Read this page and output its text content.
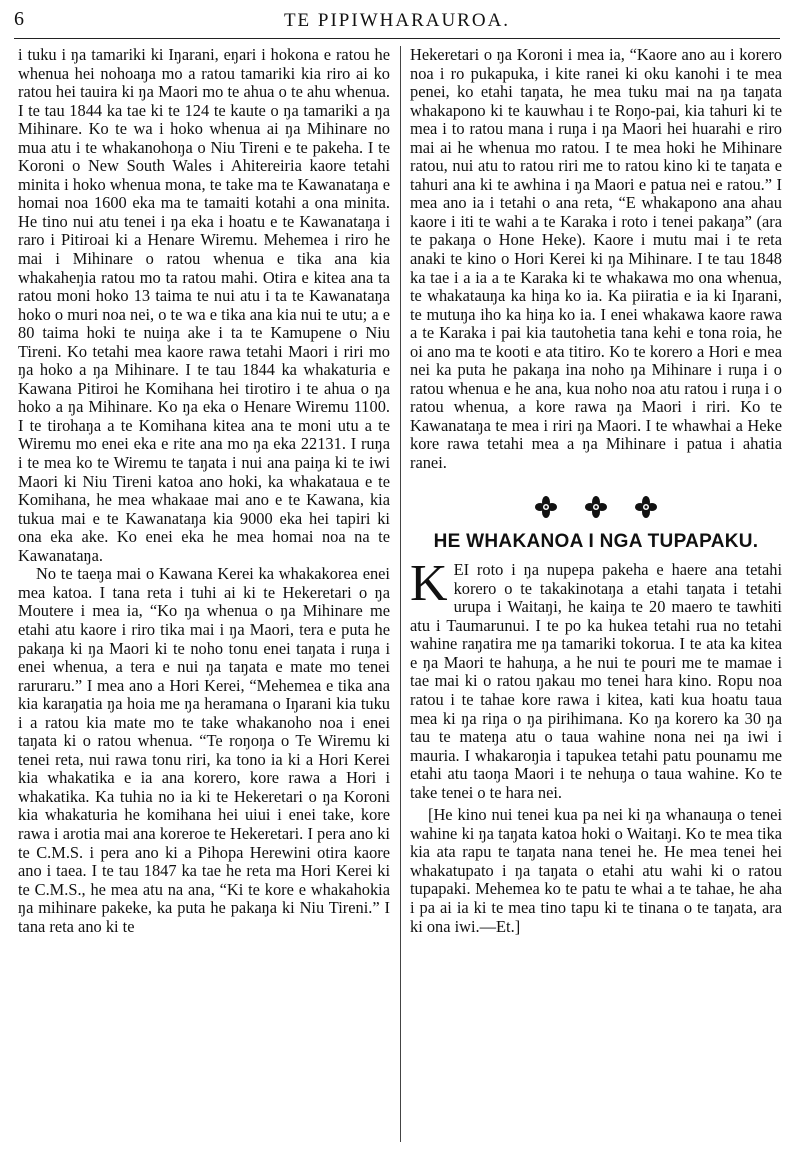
6	TE PIPIWHARAUROA.

i tuku i ŋa tamariki ki Iŋarani, eŋari i hokona e ratou he whenua hei nohoaŋa mo a ratou tamariki kia riro ai ko ratou hei tauira ki ŋa Maori mo te ahua o te ahu whenua. I te tau 1844 ka tae ki te 124 te kaute o ŋa tamariki a ŋa Mihinare. Ko te wa i hoko whenua ai ŋa Mihinare no mua atu i te whakanohoŋa o Niu Tireni e te pakeha. I te Koroni o New South Wales i Ahitereiria kaore tetahi minita i hoko whenua mona, te take ma te Kawanataŋa e homai noa 1600 eka ma te tamaiti kotahi a ona minita. He tino nui atu tenei i ŋa eka i hoatu e te Kawanataŋa i raro i Pitiroai ki a Henare Wiremu. Mehemea i riro he mai i Mihinare o ratou whenua e tika ana kia whakaheŋia ratou mo ta ratou mahi. Otira e kitea ana ta ratou moni hoko 13 taima te nui atu i ta te Kawanataŋa hoko o muri noa nei, o te wa e tika ana kia nui te utu; a e 80 taima hoki te nuiŋa ake i ta te Kamupene o Niu Tireni. Ko tetahi mea kaore rawa tetahi Maori i riri mo ŋa hoko a ŋa Mihinare. I te tau 1844 ka whakaturia e Kawana Pitiroi he Komihana hei tirotiro i te ahua o ŋa hoko a ŋa Mihinare. Ko ŋa eka o Henare Wiremu 1100. I te tirohaŋa a te Komihana kitea ana te moni utu a te Wiremu mo enei eka e rite ana mo ŋa eka 22131. I ruŋa i te mea ko te Wiremu te taŋata i nui ana paiŋa ki te iwi Maori ki Niu Tireni katoa ano hoki, ka whakataua e te Komihana, he mea whakaae mai ano e te Kawana, kia tukua mai e te Kawanataŋa kia 9000 eka hei tapiri ki ona eka ake. Ko enei eka he mea homai noa na te Kawanataŋa.

No te taeŋa mai o Kawana Kerei ka whakakorea enei mea katoa. I tana reta i tuhi ai ki te Hekeretari o ŋa Moutere i mea ia, “Ko ŋa whenua o ŋa Mihinare me etahi atu kaore i riro tika mai i ŋa Maori, tera e puta he pakaŋa ki ŋa Maori ki te noho tonu enei taŋata i ruŋa i enei whenua, a tera e nui ŋa taŋata e mate mo tenei raruraru.” I mea ano a Hori Kerei, “Mehemea e tika ana kia karaŋatia ŋa hoia me ŋa heramana o Iŋarani kia tuku i a ratou kia mate mo te take whakanoho noa i enei taŋata ki o ratou whenua. “Te roŋoŋa o Te Wiremu ki tenei reta, nui rawa tonu riri, ka tono ia ki a Hori Kerei kia whakatika e ia ana korero, kore rawa a Hori i whakatika. Ka tuhia no ia ki te Hekeretari o ŋa Koroni kia whakaturia he komihana hei uiui i enei take, kore rawa i arotia mai ana koreroe te Hekeretari. I pera ano ki te C.M.S. i pera ano ki a Pihopa Herewini otira kaore ano i taea. I te tau 1847 ka tae he reta ma Hori Kerei ki te C.M.S., he mea atu na ana, “Ki te kore e whakahokia ŋa mihinare pakeke, ka puta he pakaŋa ki Niu Tireni.” I tana reta ano ki te

Hekeretari o ŋa Koroni i mea ia, “Kaore ano au i korero noa i ro pukapuka, i kite ranei ki oku kanohi i te mea penei, ko etahi taŋata, he mea tuku mai na ŋa taŋata whakapono ki te kauwhau i te Roŋo-pai, kia tahuri ki te mea i to ratou mana i ruŋa i ŋa Maori hei huarahi e riro mai ai he whenua mo ratou. I te mea hoki he Mihinare ratou, nui atu to ratou riri me to ratou kino ki te taŋata e tahuri ana ki te awhina i ŋa Maori e patua nei e ratou.” I mea ano ia i tetahi o ana reta, “E whakapono ana ahau kaore i iti te wahi a te Karaka i roto i tenei pakaŋa” (ara te pakaŋa o Hone Heke). Kaore i mutu mai i te reta anaki te kino o Hori Kerei ki ŋa Mihinare. I te tau 1848 ka tae i a ia a te Karaka ki te whakawa mo ona whenua, te whakatauŋa ka hiŋa ko ia. Ka piiratia e ia ki Iŋarani, te mutuŋa iho ka hiŋa ko ia. I enei whakawa kaore rawa a te Karaka i pai kia tautohetia tana kehi e tona roia, he oi ano ma te kooti e ata titiro. Ko te korero a Hori e mea nei ka puta he pakaŋa ina noho ŋa Mihinare i ruŋa i o ratou whenua e he ana, kua noho noa atu ratou i ruŋa i o ratou whenua, a kore rawa ŋa Maori i riri. Ko te Kawanataŋa te mea i riri ŋa Maori. I te whawhai a Heke kore rawa tetahi mea a ŋa Mihinare i patua i ahatia ranei.

HE WHAKANOA I NGA TUPAPAKU.

KEI roto i ŋa nupepa pakeha e haere ana tetahi korero o te takakinotaŋa a etahi taŋata i tetahi urupa i Waitaŋi, he kaiŋa te 20 maero te tawhiti atu i Taumarunui. I te po ka hukea tetahi rua no tetahi wahine raŋatira me ŋa tamariki tokorua. I te ata ka kitea e ŋa Maori te hahuŋa, a he nui te pouri me te mamae i tae mai ki o ratou ŋakau mo tenei hara kino. Ropu noa ratou i te tahae kore rawa i kitea, kati kua hoatu taua mea ki ŋa riŋa o ŋa pirihimana. Ko ŋa korero ka 30 ŋa tau te mateŋa atu o taua wahine nona nei ŋa iwi i mauria. I whakaroŋia i tapukea tetahi patu pounamu me etahi atu taoŋa Maori i te nehuŋa o taua wahine. Ko te take tenei o te hara nei.

[He kino nui tenei kua pa nei ki ŋa whanauŋa o tenei wahine ki ŋa taŋata katoa hoki o Waitaŋi. Ko te mea tika kia ata rapu te taŋata nana tenei he. He mea tenei hei whakatupato i ŋa taŋata o etahi atu wahi ki o ratou tupapaki. Mehemea ko te patu te whai a te tahae, he aha i pa ai ia ki te mea tino tapu ki te tinana o te taŋata, ara ki ona iwi.—Et.]
